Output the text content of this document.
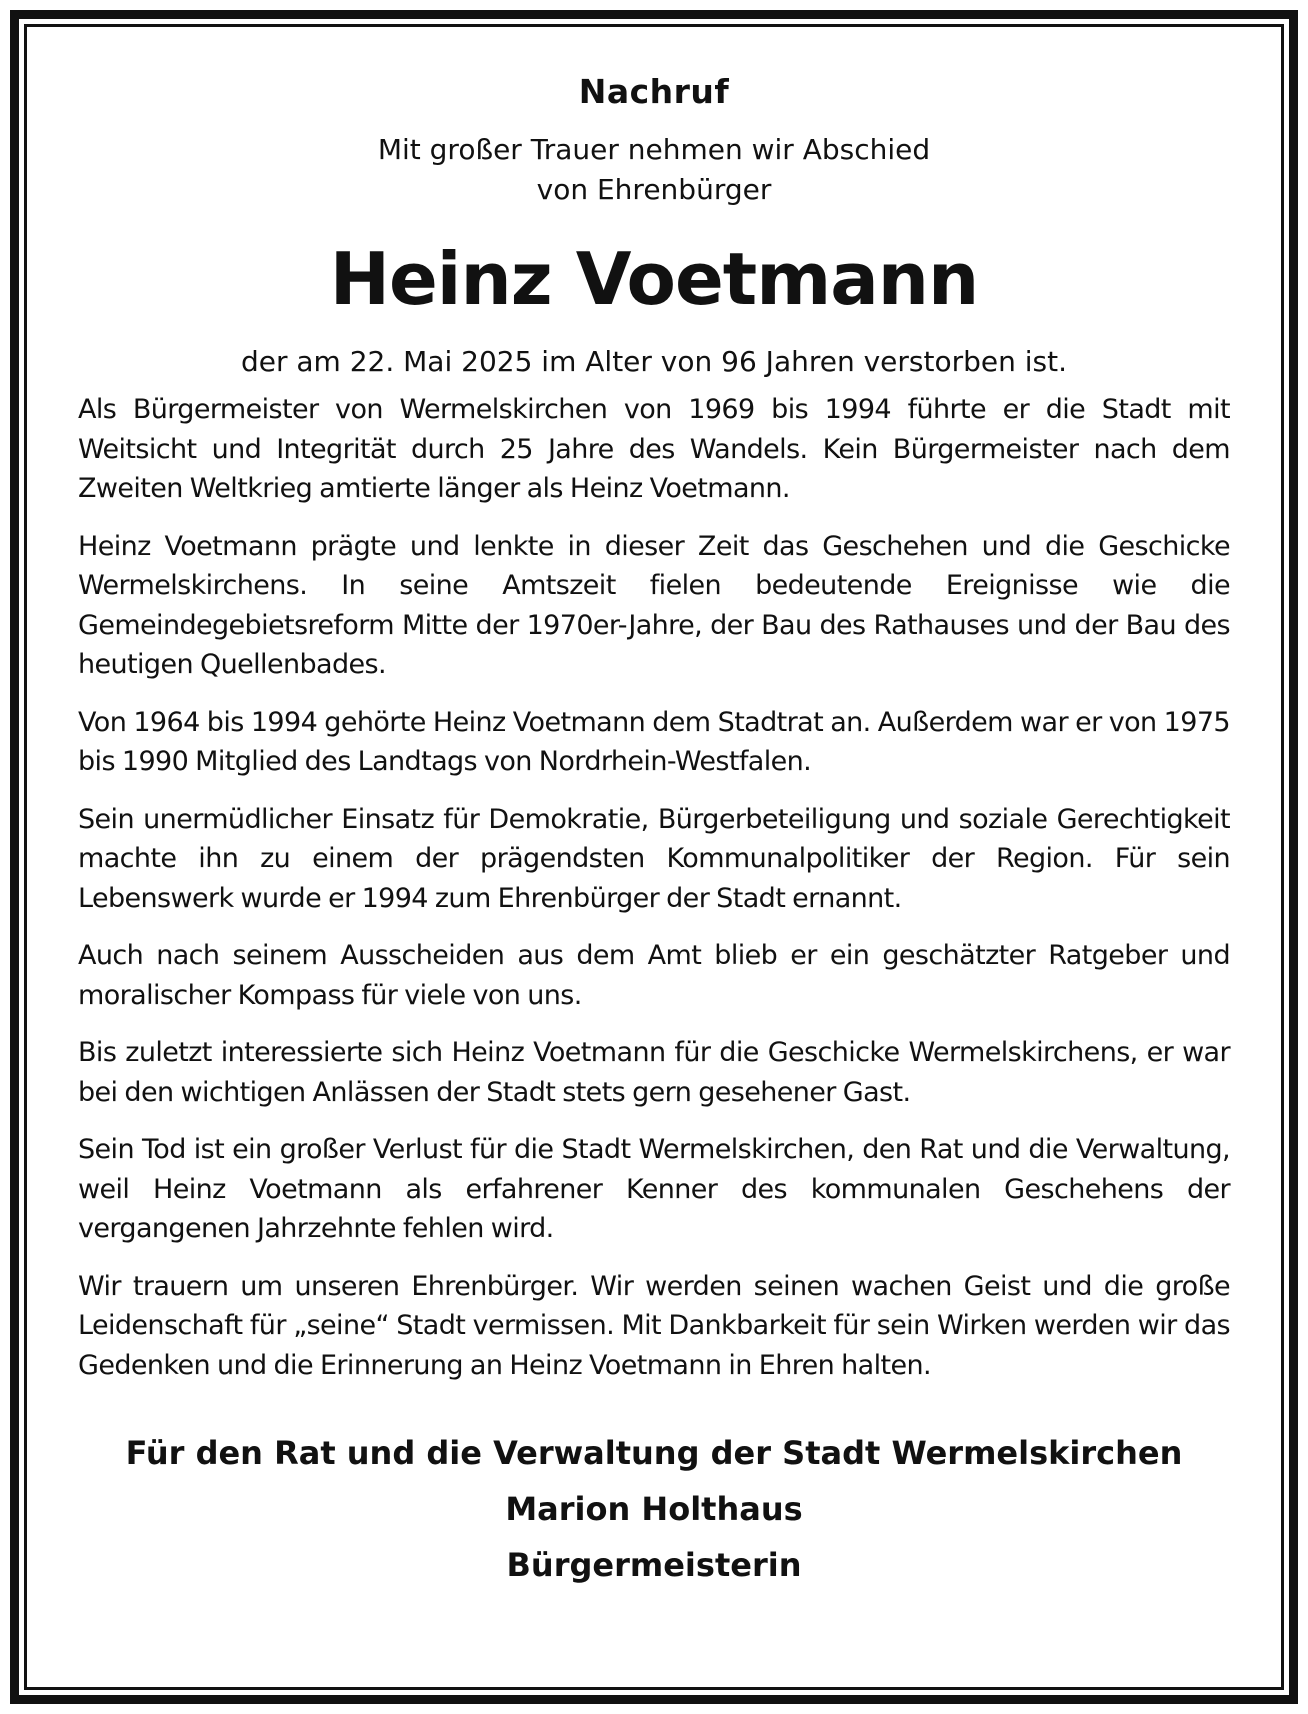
Nachruf
Mit großer Trauer nehmen wir Abschied
von Ehrenbürger
Heinz Voetmann
der am 22. Mai 2025 im Alter von 96 Jahren verstorben ist.

Als Bürgermeister von Wermelskirchen von 1969 bis 1994 führte er die Stadt mit Weitsicht und Integrität durch 25 Jahre des Wandels. Kein Bürgermeister nach dem Zweiten Weltkrieg amtierte länger als Heinz Voetmann.

Heinz Voetmann prägte und lenkte in dieser Zeit das Geschehen und die Geschicke Wermelskirchens. In seine Amtszeit fielen bedeutende Ereignisse wie die Gemeindegebietsreform Mitte der 1970er-Jahre, der Bau des Rathauses und der Bau des heutigen Quellenbades.

Von 1964 bis 1994 gehörte Heinz Voetmann dem Stadtrat an. Außerdem war er von 1975 bis 1990 Mitglied des Landtags von Nordrhein-Westfalen.

Sein unermüdlicher Einsatz für Demokratie, Bürgerbeteiligung und soziale Gerechtigkeit machte ihn zu einem der prägendsten Kommunalpolitiker der Region. Für sein Lebenswerk wurde er 1994 zum Ehrenbürger der Stadt ernannt.

Auch nach seinem Ausscheiden aus dem Amt blieb er ein geschätzter Ratgeber und moralischer Kompass für viele von uns.

Bis zuletzt interessierte sich Heinz Voetmann für die Geschicke Wermelskirchens, er war bei den wichtigen Anlässen der Stadt stets gern gesehener Gast.

Sein Tod ist ein großer Verlust für die Stadt Wermelskirchen, den Rat und die Verwaltung, weil Heinz Voetmann als erfahrener Kenner des kommunalen Geschehens der vergangenen Jahrzehnte fehlen wird.

Wir trauern um unseren Ehrenbürger. Wir werden seinen wachen Geist und die große Leidenschaft für „seine“ Stadt vermissen. Mit Dankbarkeit für sein Wirken werden wir das Gedenken und die Erinnerung an Heinz Voetmann in Ehren halten.

Für den Rat und die Verwaltung der Stadt Wermelskirchen
Marion Holthaus
Bürgermeisterin
